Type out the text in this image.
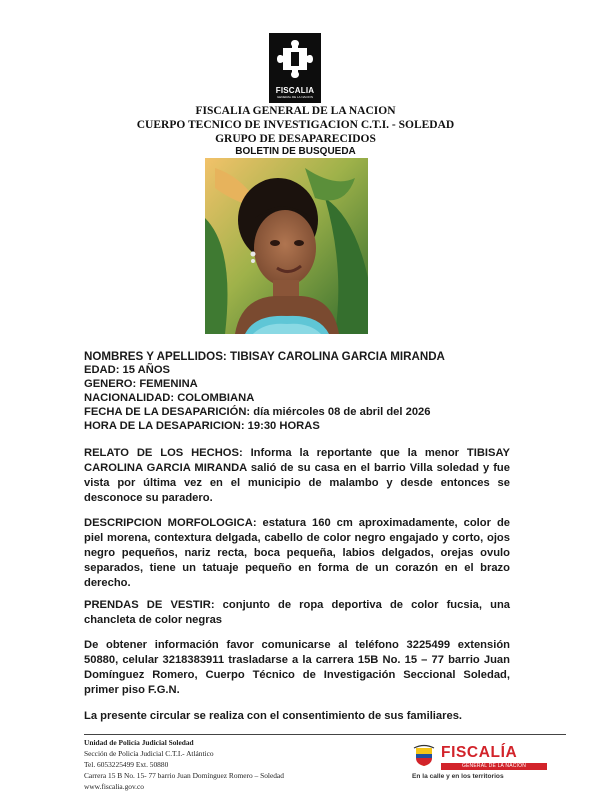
FISCALIA
GENERAL DE LA NACION
FISCALIA GENERAL DE LA NACION
CUERPO TECNICO DE INVESTIGACION C.T.I. - SOLEDAD
GRUPO DE DESAPARECIDOS
BOLETIN DE BUSQUEDA
NOMBRES Y APELLIDOS: TIBISAY CAROLINA GARCIA MIRANDA
EDAD: 15 AÑOS
GENERO: FEMENINA
NACIONALIDAD: COLOMBIANA
FECHA DE LA DESAPARICIÓN: día miércoles 08 de abril del 2026
HORA DE LA DESAPARICION: 19:30 HORAS
RELATO DE LOS HECHOS: Informa la reportante que la menor TIBISAY CAROLINA GARCIA MIRANDA salió de su casa en el barrio Villa soledad y fue vista por última vez en el municipio de malambo y desde entonces se desconoce su paradero.
DESCRIPCION MORFOLOGICA: estatura 160 cm aproximadamente, color de piel morena, contextura delgada, cabello de color negro engajado y corto, ojos negro pequeños, nariz recta, boca pequeña, labios delgados, orejas ovulo separados, tiene un tatuaje pequeño en forma de un corazón en el brazo derecho.
PRENDAS DE VESTIR: conjunto de ropa deportiva de color fucsia, una chancleta de color negras
De obtener información favor comunicarse al teléfono 3225499 extensión 50880, celular 3218383911 trasladarse a la carrera 15B No. 15 – 77 barrio Juan Domínguez Romero, Cuerpo Técnico de Investigación Seccional Soledad, primer piso F.G.N.
La presente circular se realiza con el consentimiento de sus familiares.
Unidad de Policía Judicial Soledad
Sección de Policía Judicial C.T.I.- Atlántico
Tel. 6053225499 Ext. 50880
Carrera 15 B No. 15- 77 barrio Juan Domínguez Romero – Soledad
www.fiscalia.gov.co
FISCALÍA
GENERAL DE LA NACIÓN
En la calle y en los territorios
